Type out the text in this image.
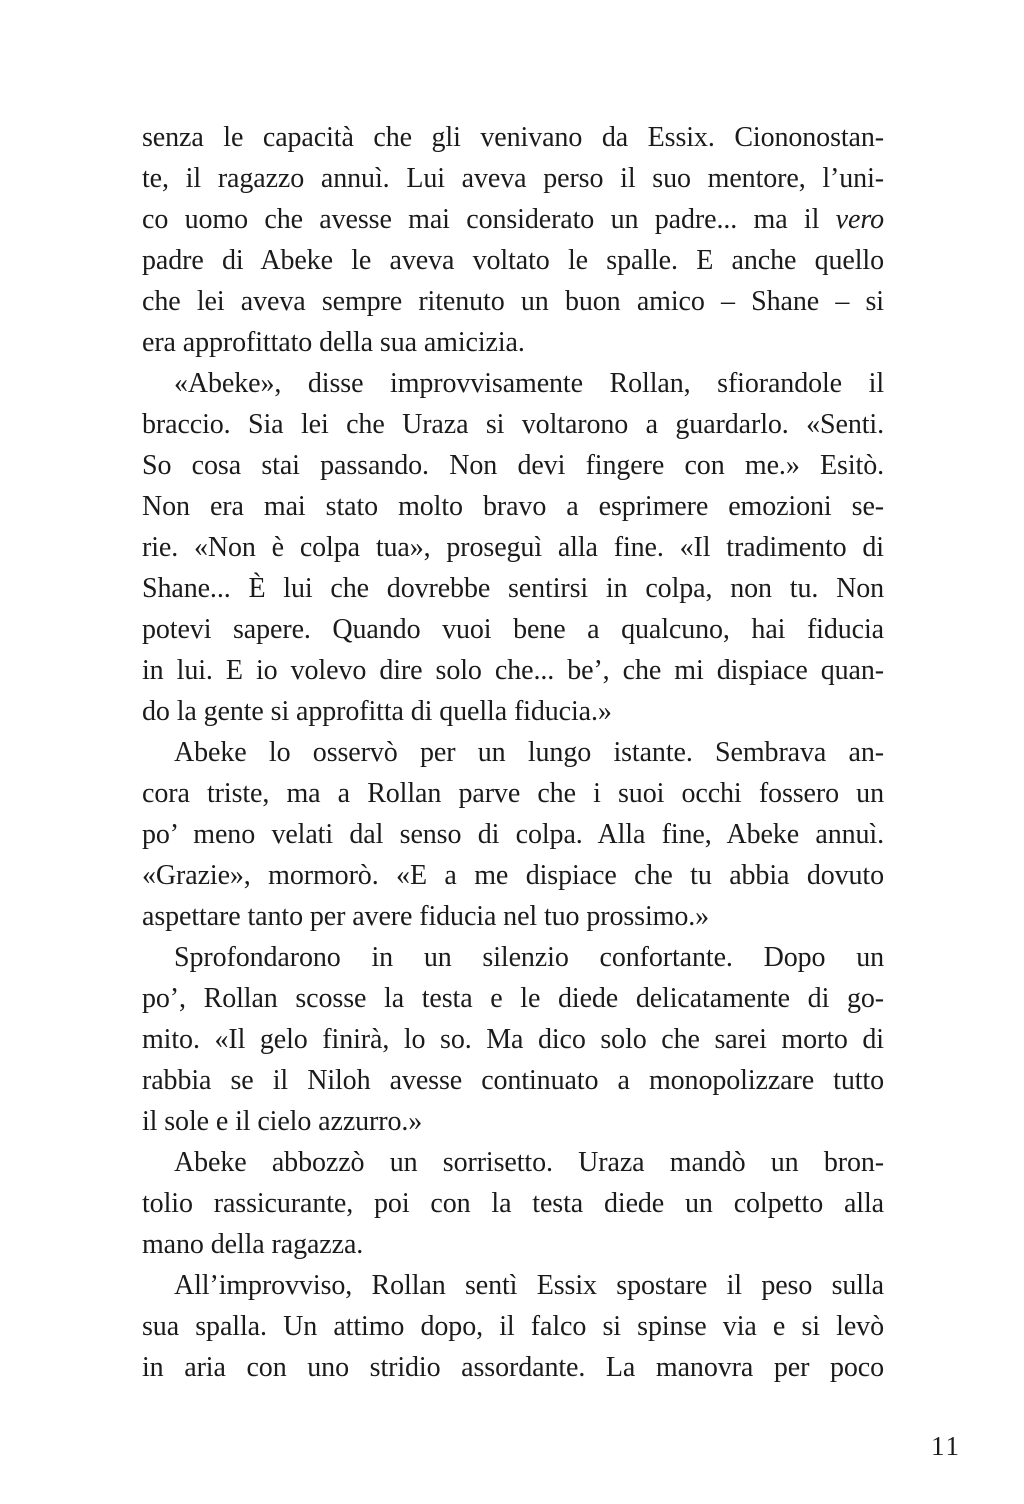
senza le capacità che gli venivano da Essix. Ciononostan-
te, il ragazzo annuì. Lui aveva perso il suo mentore, l’uni-
co uomo che avesse mai considerato un padre... ma il vero
padre di Abeke le aveva voltato le spalle. E anche quello
che lei aveva sempre ritenuto un buon amico – Shane – si
era approfittato della sua amicizia.

«Abeke», disse improvvisamente Rollan, sfiorandole il
braccio. Sia lei che Uraza si voltarono a guardarlo. «Senti.
So cosa stai passando. Non devi fingere con me.» Esitò.
Non era mai stato molto bravo a esprimere emozioni se-
rie. «Non è colpa tua», proseguì alla fine. «Il tradimento di
Shane... È lui che dovrebbe sentirsi in colpa, non tu. Non
potevi sapere. Quando vuoi bene a qualcuno, hai fiducia
in lui. E io volevo dire solo che... be’, che mi dispiace quan-
do la gente si approfitta di quella fiducia.»

Abeke lo osservò per un lungo istante. Sembrava an-
cora triste, ma a Rollan parve che i suoi occhi fossero un
po’ meno velati dal senso di colpa. Alla fine, Abeke annuì.
«Grazie», mormorò. «E a me dispiace che tu abbia dovuto
aspettare tanto per avere fiducia nel tuo prossimo.»

Sprofondarono in un silenzio confortante. Dopo un
po’, Rollan scosse la testa e le diede delicatamente di go-
mito. «Il gelo finirà, lo so. Ma dico solo che sarei morto di
rabbia se il Niloh avesse continuato a monopolizzare tutto
il sole e il cielo azzurro.»

Abeke abbozzò un sorrisetto. Uraza mandò un bron-
tolio rassicurante, poi con la testa diede un colpetto alla
mano della ragazza.

All’improvviso, Rollan sentì Essix spostare il peso sulla
sua spalla. Un attimo dopo, il falco si spinse via e si levò
in aria con uno stridio assordante. La manovra per poco

11
